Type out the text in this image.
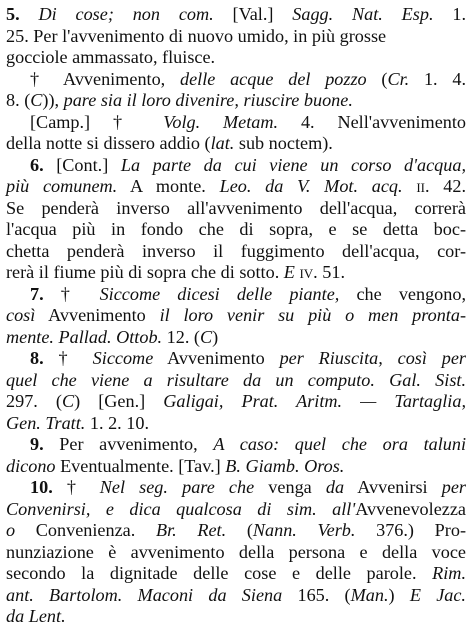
5. Di cose; non com. [Val.] Sagg. Nat. Esp. 1.
25. Per l'avvenimento di nuovo umido, in più grosse
gocciole ammassato, fluisce.
† Avvenimento, delle acque del pozzo (Cr. 1. 4.
8. (C)), pare sia il loro divenire, riuscire buone.
[Camp.] † Volg. Metam. 4. Nell'avvenimento
della notte si dissero addio (lat. sub noctem).
6. [Cont.] La parte da cui viene un corso d'acqua,
più comunem. A monte. Leo. da V. Mot. acq. ii. 42.
Se penderà inverso all'avvenimento dell'acqua, correrà
l'acqua più in fondo che di sopra, e se detta boc-
chetta penderà inverso il fuggimento dell'acqua, cor-
rerà il fiume più di sopra che di sotto. E iv. 51.
7. † Siccome dicesi delle piante, che vengono,
così Avvenimento il loro venir su più o men pronta-
mente. Pallad. Ottob. 12. (C)
8. † Siccome Avvenimento per Riuscita, così per
quel che viene a risultare da un computo. Gal. Sist.
297. (C) [Gen.] Galigai, Prat. Aritm. — Tartaglia,
Gen. Tratt. 1. 2. 10.
9. Per avvenimento, A caso: quel che ora taluni
dicono Eventualmente. [Tav.] B. Giamb. Oros.
10. † Nel seg. pare che venga da Avvenirsi per
Convenirsi, e dica qualcosa di sim. all'Avvenevolezza
o Convenienza. Br. Ret. (Nann. Verb. 376.) Pro-
nunziazione è avvenimento della persona e della voce
secondo la dignitade delle cose e delle parole. Rim.
ant. Bartolom. Maconi da Siena 165. (Man.) E Jac.
da Lent.
